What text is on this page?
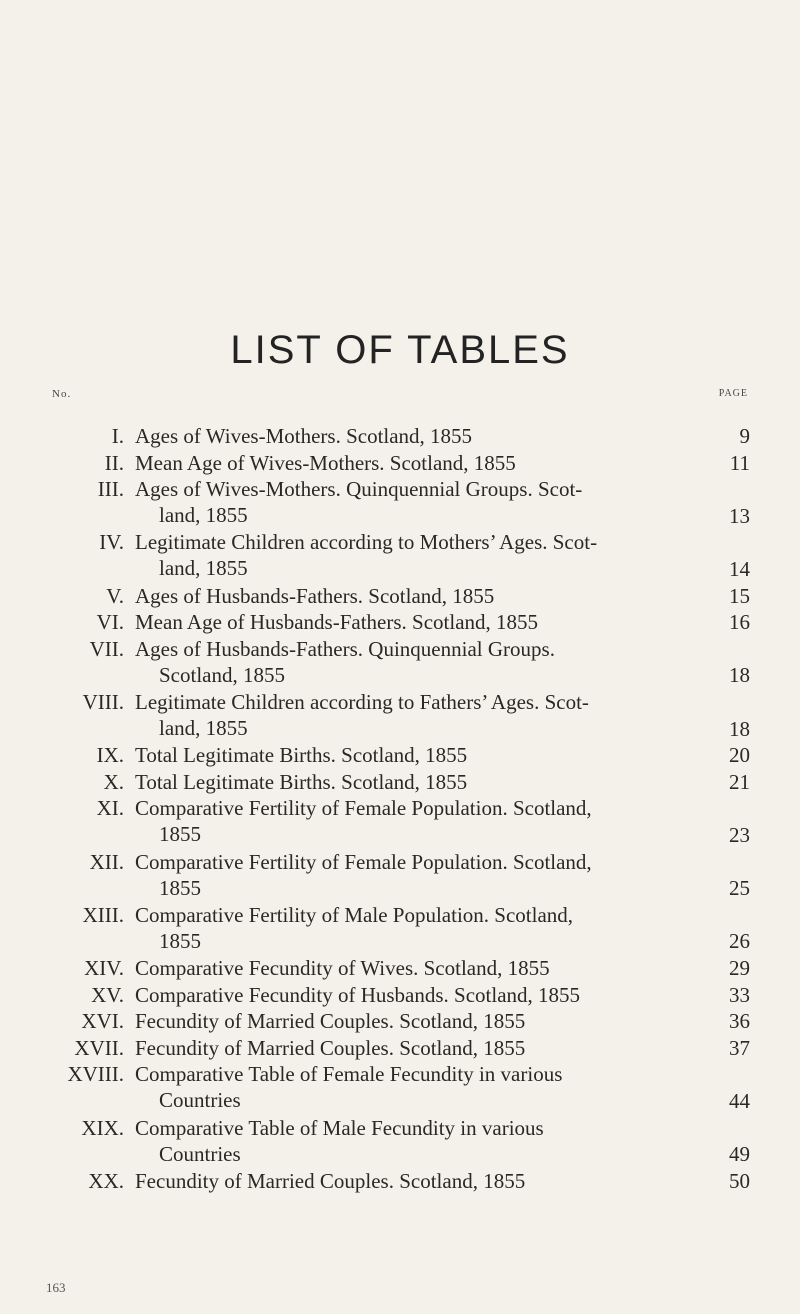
LIST OF TABLES
No.	PAGE
I. Ages of Wives-Mothers. Scotland, 1855	9
II. Mean Age of Wives-Mothers. Scotland, 1855	11
III. Ages of Wives-Mothers. Quinquennial Groups. Scot-
land, 1855	13
IV. Legitimate Children according to Mothers’ Ages. Scot-
land, 1855	14
V. Ages of Husbands-Fathers. Scotland, 1855	15
VI. Mean Age of Husbands-Fathers. Scotland, 1855	16
VII. Ages of Husbands-Fathers. Quinquennial Groups.
Scotland, 1855	18
VIII. Legitimate Children according to Fathers’ Ages. Scot-
land, 1855	18
IX. Total Legitimate Births. Scotland, 1855	20
X. Total Legitimate Births. Scotland, 1855	21
XI. Comparative Fertility of Female Population. Scotland,
1855	23
XII. Comparative Fertility of Female Population. Scotland,
1855	25
XIII. Comparative Fertility of Male Population. Scotland,
1855	26
XIV. Comparative Fecundity of Wives. Scotland, 1855	29
XV. Comparative Fecundity of Husbands. Scotland, 1855	33
XVI. Fecundity of Married Couples. Scotland, 1855	36
XVII. Fecundity of Married Couples. Scotland, 1855	37
XVIII. Comparative Table of Female Fecundity in various
Countries	44
XIX. Comparative Table of Male Fecundity in various
Countries	49
XX. Fecundity of Married Couples. Scotland, 1855	50
163
